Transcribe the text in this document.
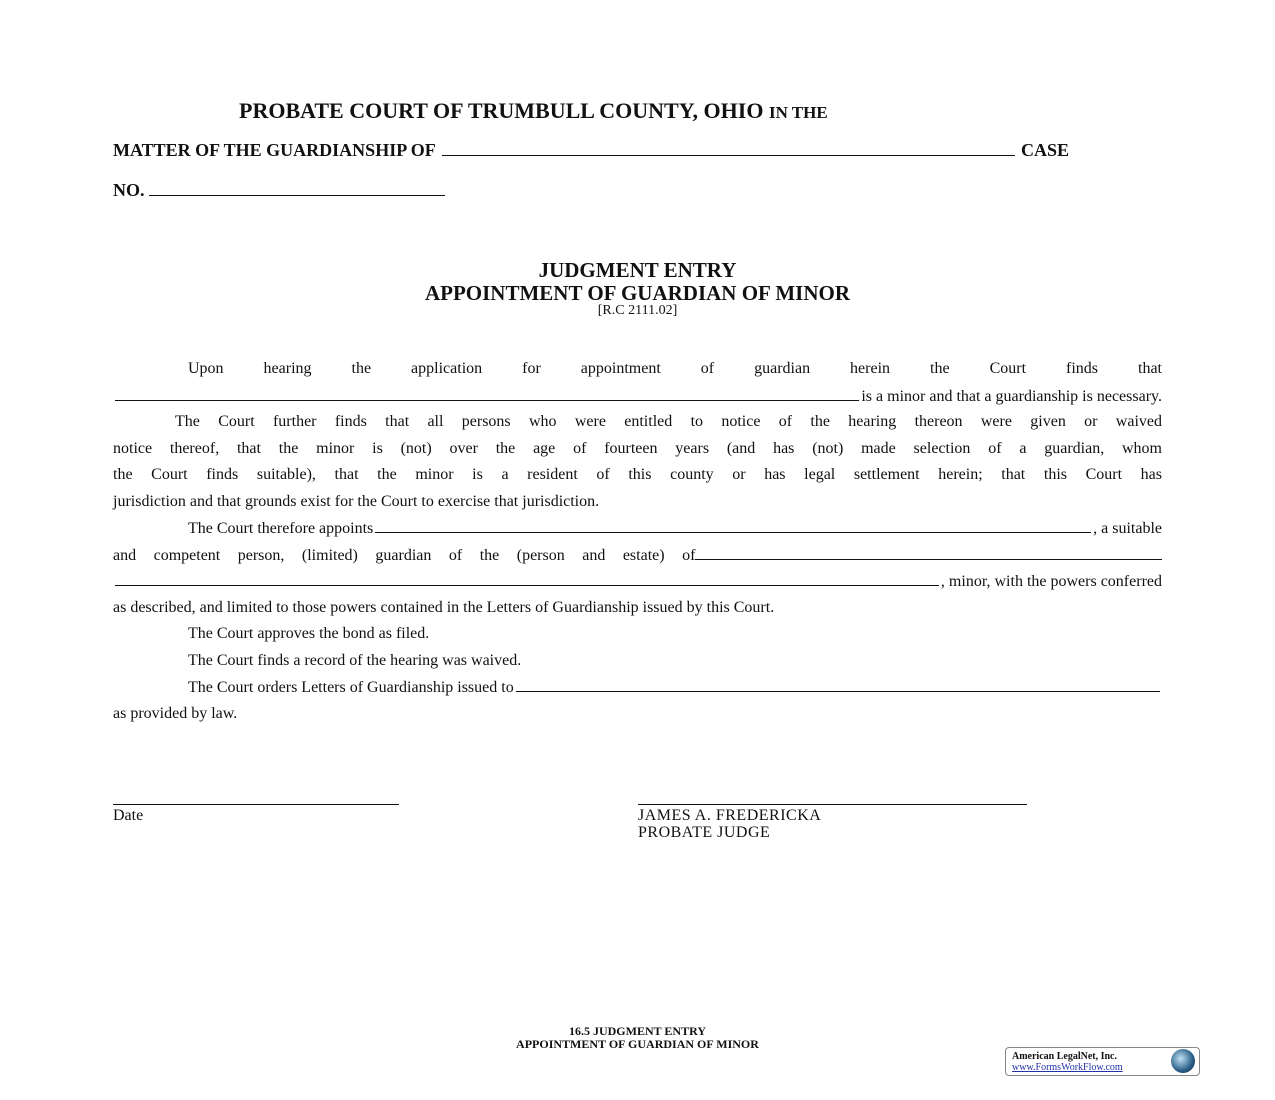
PROBATE COURT OF TRUMBULL COUNTY, OHIO IN THE
MATTER OF THE GUARDIANSHIP OF	CASE
NO.
JUDGMENT ENTRY
APPOINTMENT OF GUARDIAN OF MINOR
[R.C 2111.02]
Upon hearing the application for appointment of guardian herein the Court finds that
is a minor and that a guardianship is necessary.
The Court further finds that all persons who were entitled to notice of the hearing thereon were given or waived
notice thereof, that the minor is (not) over the age of fourteen years (and has (not) made selection of a guardian, whom
the Court finds suitable), that the minor is a resident of this county or has legal settlement herein; that this Court has
jurisdiction and that grounds exist for the Court to exercise that jurisdiction.
The Court therefore appoints	, a suitable
and competent person, (limited) guardian of the (person and estate) of
, minor, with the powers conferred
as described, and limited to those powers contained in the Letters of Guardianship issued by this Court.
The Court approves the bond as filed.
The Court finds a record of the hearing was waived.
The Court orders Letters of Guardianship issued to
as provided by law.
Date	JAMES A. FREDERICKA
PROBATE JUDGE
16.5 JUDGMENT ENTRY
APPOINTMENT OF GUARDIAN OF MINOR
American LegalNet, Inc.
www.FormsWorkFlow.com
